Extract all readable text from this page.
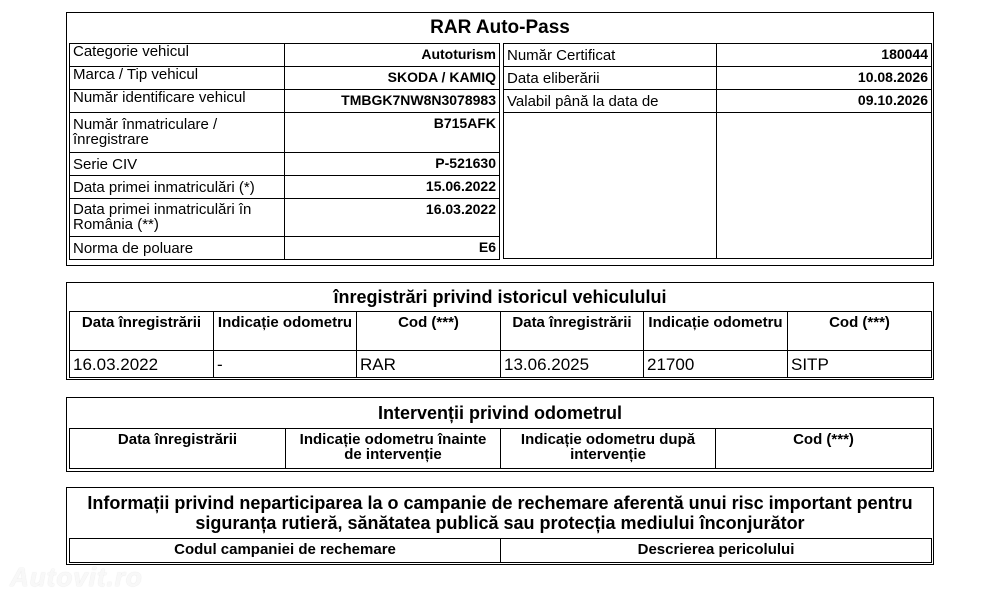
RAR Auto-Pass
Categorie vehicul	Autoturism
Marca / Tip vehicul	SKODA / KAMIQ
Număr identificare vehicul	TMBGK7NW8N3078983
Număr înmatriculare / înregistrare	B715AFK
Serie CIV	P-521630
Data primei inmatriculări (*)	15.06.2022
Data primei inmatriculări în România (**)	16.03.2022
Norma de poluare	E6
Număr Certificat	180044
Data eliberării	10.08.2026
Valabil până la data de	09.10.2026

înregistrări privind istoricul vehiculului
Data înregistrării	Indicație odometru	Cod (***)	Data înregistrării	Indicație odometru	Cod (***)
16.03.2022	-	RAR	13.06.2025	21700	SITP
Intervenții privind odometrul
Data înregistrării	Indicație odometru înainte de intervenție	Indicație odometru după intervenție	Cod (***)
Informații privind neparticiparea la o campanie de rechemare aferentă unui risc important pentru siguranța rutieră, sănătatea publică sau protecția mediului înconjurător
Codul campaniei de rechemare	Descrierea pericolului
Autovit.ro
